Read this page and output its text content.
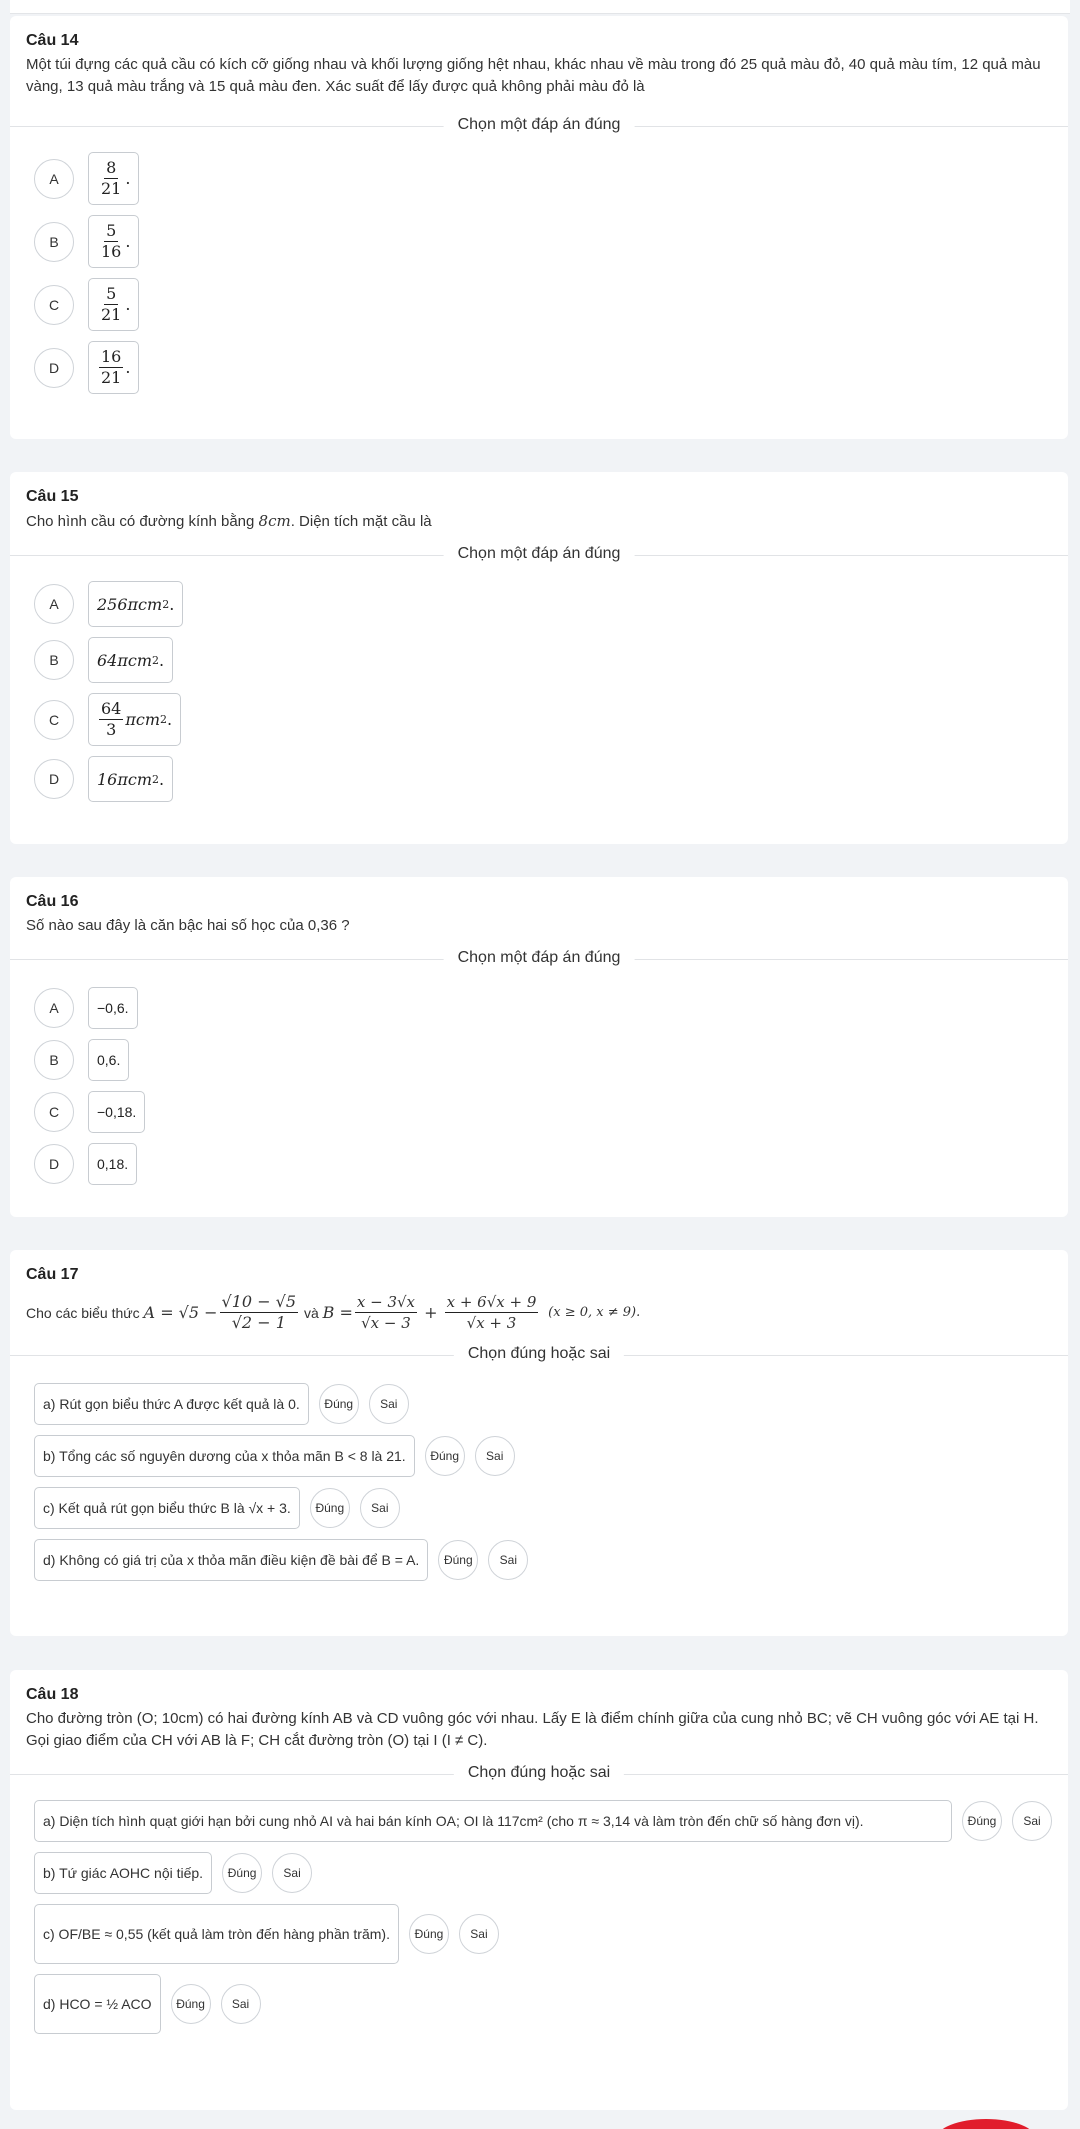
Câu 14
Một túi đựng các quả cầu có kích cỡ giống nhau và khối lượng giống hệt nhau, khác nhau về màu trong đó 25 quả màu đỏ, 40 quả màu tím, 12 quả màu vàng, 13 quả màu trắng và 15 quả màu đen. Xác suất để lấy được quả không phải màu đỏ là
Chọn một đáp án đúng
A	$\frac{8}{21}$ .
B	$\frac{5}{16}$ .
C	$\frac{5}{21}$ .
D	$\frac{16}{21}$ .
Câu 15
Cho hình cầu có đường kính bằng 8cm. Diện tích mặt cầu là
Chọn một đáp án đúng
A	256πcm 2 .
B	64πcm 2 .
C	$\frac{64}{3}$ πcm 2 .
D	16πcm 2 .
Câu 16
Số nào sau đây là căn bậc hai số học của 0,36 ?
Chọn một đáp án đúng
A	−0,6.
B	0,6.
C	−0,18.
D	0,18.
Câu 17
Cho các biểu thức
$A = √5 - \frac{√10 - √5}{√2 - 1}$
và
$B = \frac{x - 3√x}{√x - 3} + \frac{x + 6√x + 9}{√x + 3}$
(x ≥ 0, x ≠ 9).
Chọn đúng hoặc sai
a) Rút gọn biểu thức A được kết quả là 0.	Đúng	Sai
b) Tổng các số nguyên dương của x thỏa mãn B < 8 là 21.	Đúng	Sai
c) Kết quả rút gọn biểu thức B là √x + 3.	Đúng	Sai
d) Không có giá trị của x thỏa mãn điều kiện đề bài để B = A.	Đúng	Sai
Câu 18
Cho đường tròn (O; 10cm) có hai đường kính AB và CD vuông góc với nhau. Lấy E là điểm chính giữa của cung nhỏ BC; vẽ CH vuông góc với AE tại H. Gọi giao điểm của CH với AB là F; CH cắt đường tròn (O) tại I (I ≠ C).
Chọn đúng hoặc sai
a) Diện tích hình quạt giới hạn bởi cung nhỏ AI và hai bán kính OA; OI là 117cm² (cho π ≈ 3,14 và làm tròn đến chữ số hàng đơn vị).	Đúng	Sai
b) Tứ giác AOHC nội tiếp.	Đúng	Sai
c) OF/BE ≈ 0,55 (kết quả làm tròn đến hàng phần trăm).	Đúng	Sai
d) HCO = ½ ACO	Đúng	Sai
